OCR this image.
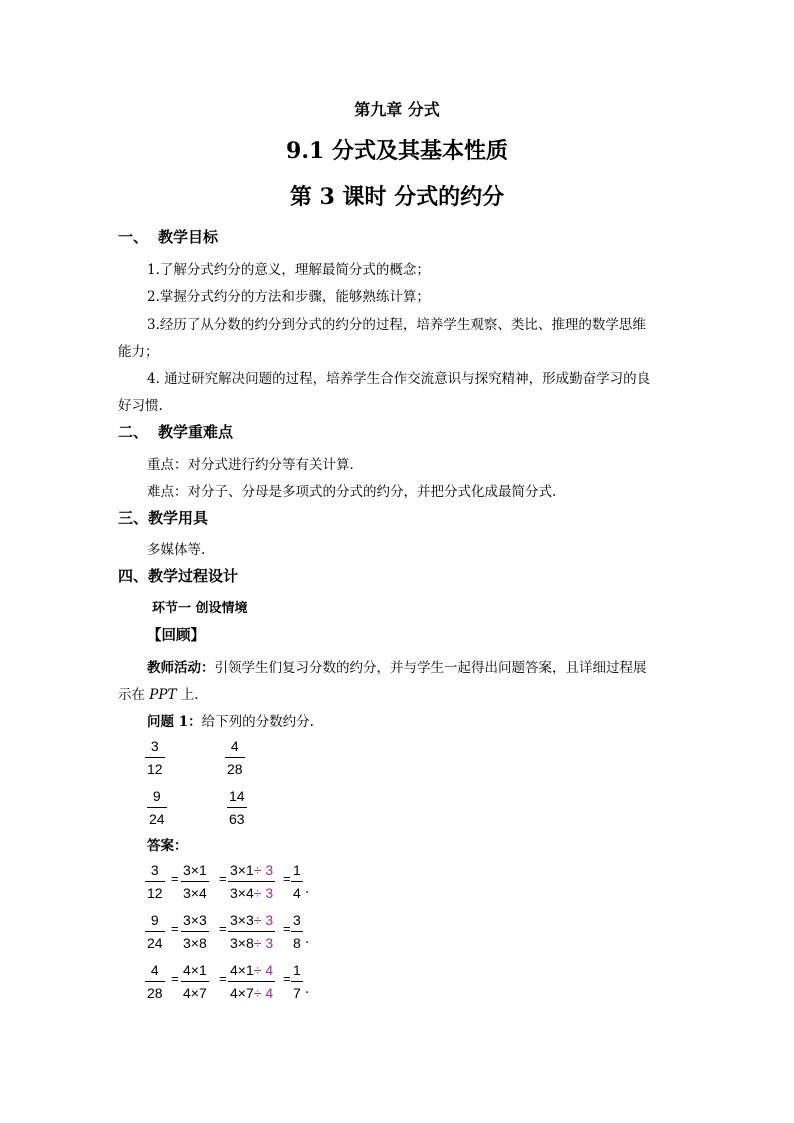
第九章 分式
9.1 分式及其基本性质
第 3 课时 分式的约分
一、 教学目标
1.了解分式约分的意义，理解最简分式的概念；
2.掌握分式约分的方法和步骤，能够熟练计算；
3.经历了从分数的约分到分式的约分的过程，培养学生观察、类比、推理的数学思维
能力；
4. 通过研究解决问题的过程，培养学生合作交流意识与探究精神，形成勤奋学习的良
好习惯.
二、 教学重难点
重点：对分式进行约分等有关计算．
难点：对分子、分母是多项式的分式的约分，并把分式化成最简分式.
三、教学用具
多媒体等.
四、教学过程设计
环节一 创设情境
【回顾】
教师活动：引领学生们复习分数的约分，并与学生一起得出问题答案，且详细过程展
示在 PPT 上.
问题 1：给下列的分数约分.
3
12
4
28
9
24
14
63
答案：
3
12
=
3×1
3×4
=
3×1÷ 3
3×4÷ 3
=
1
4 .
9
24
=
3×3
3×8
=
3×3÷ 3
3×8÷ 3
=
3
8 .
4
28
=
4×1
4×7
=
4×1÷ 4
4×7÷ 4
=
1
7 .
